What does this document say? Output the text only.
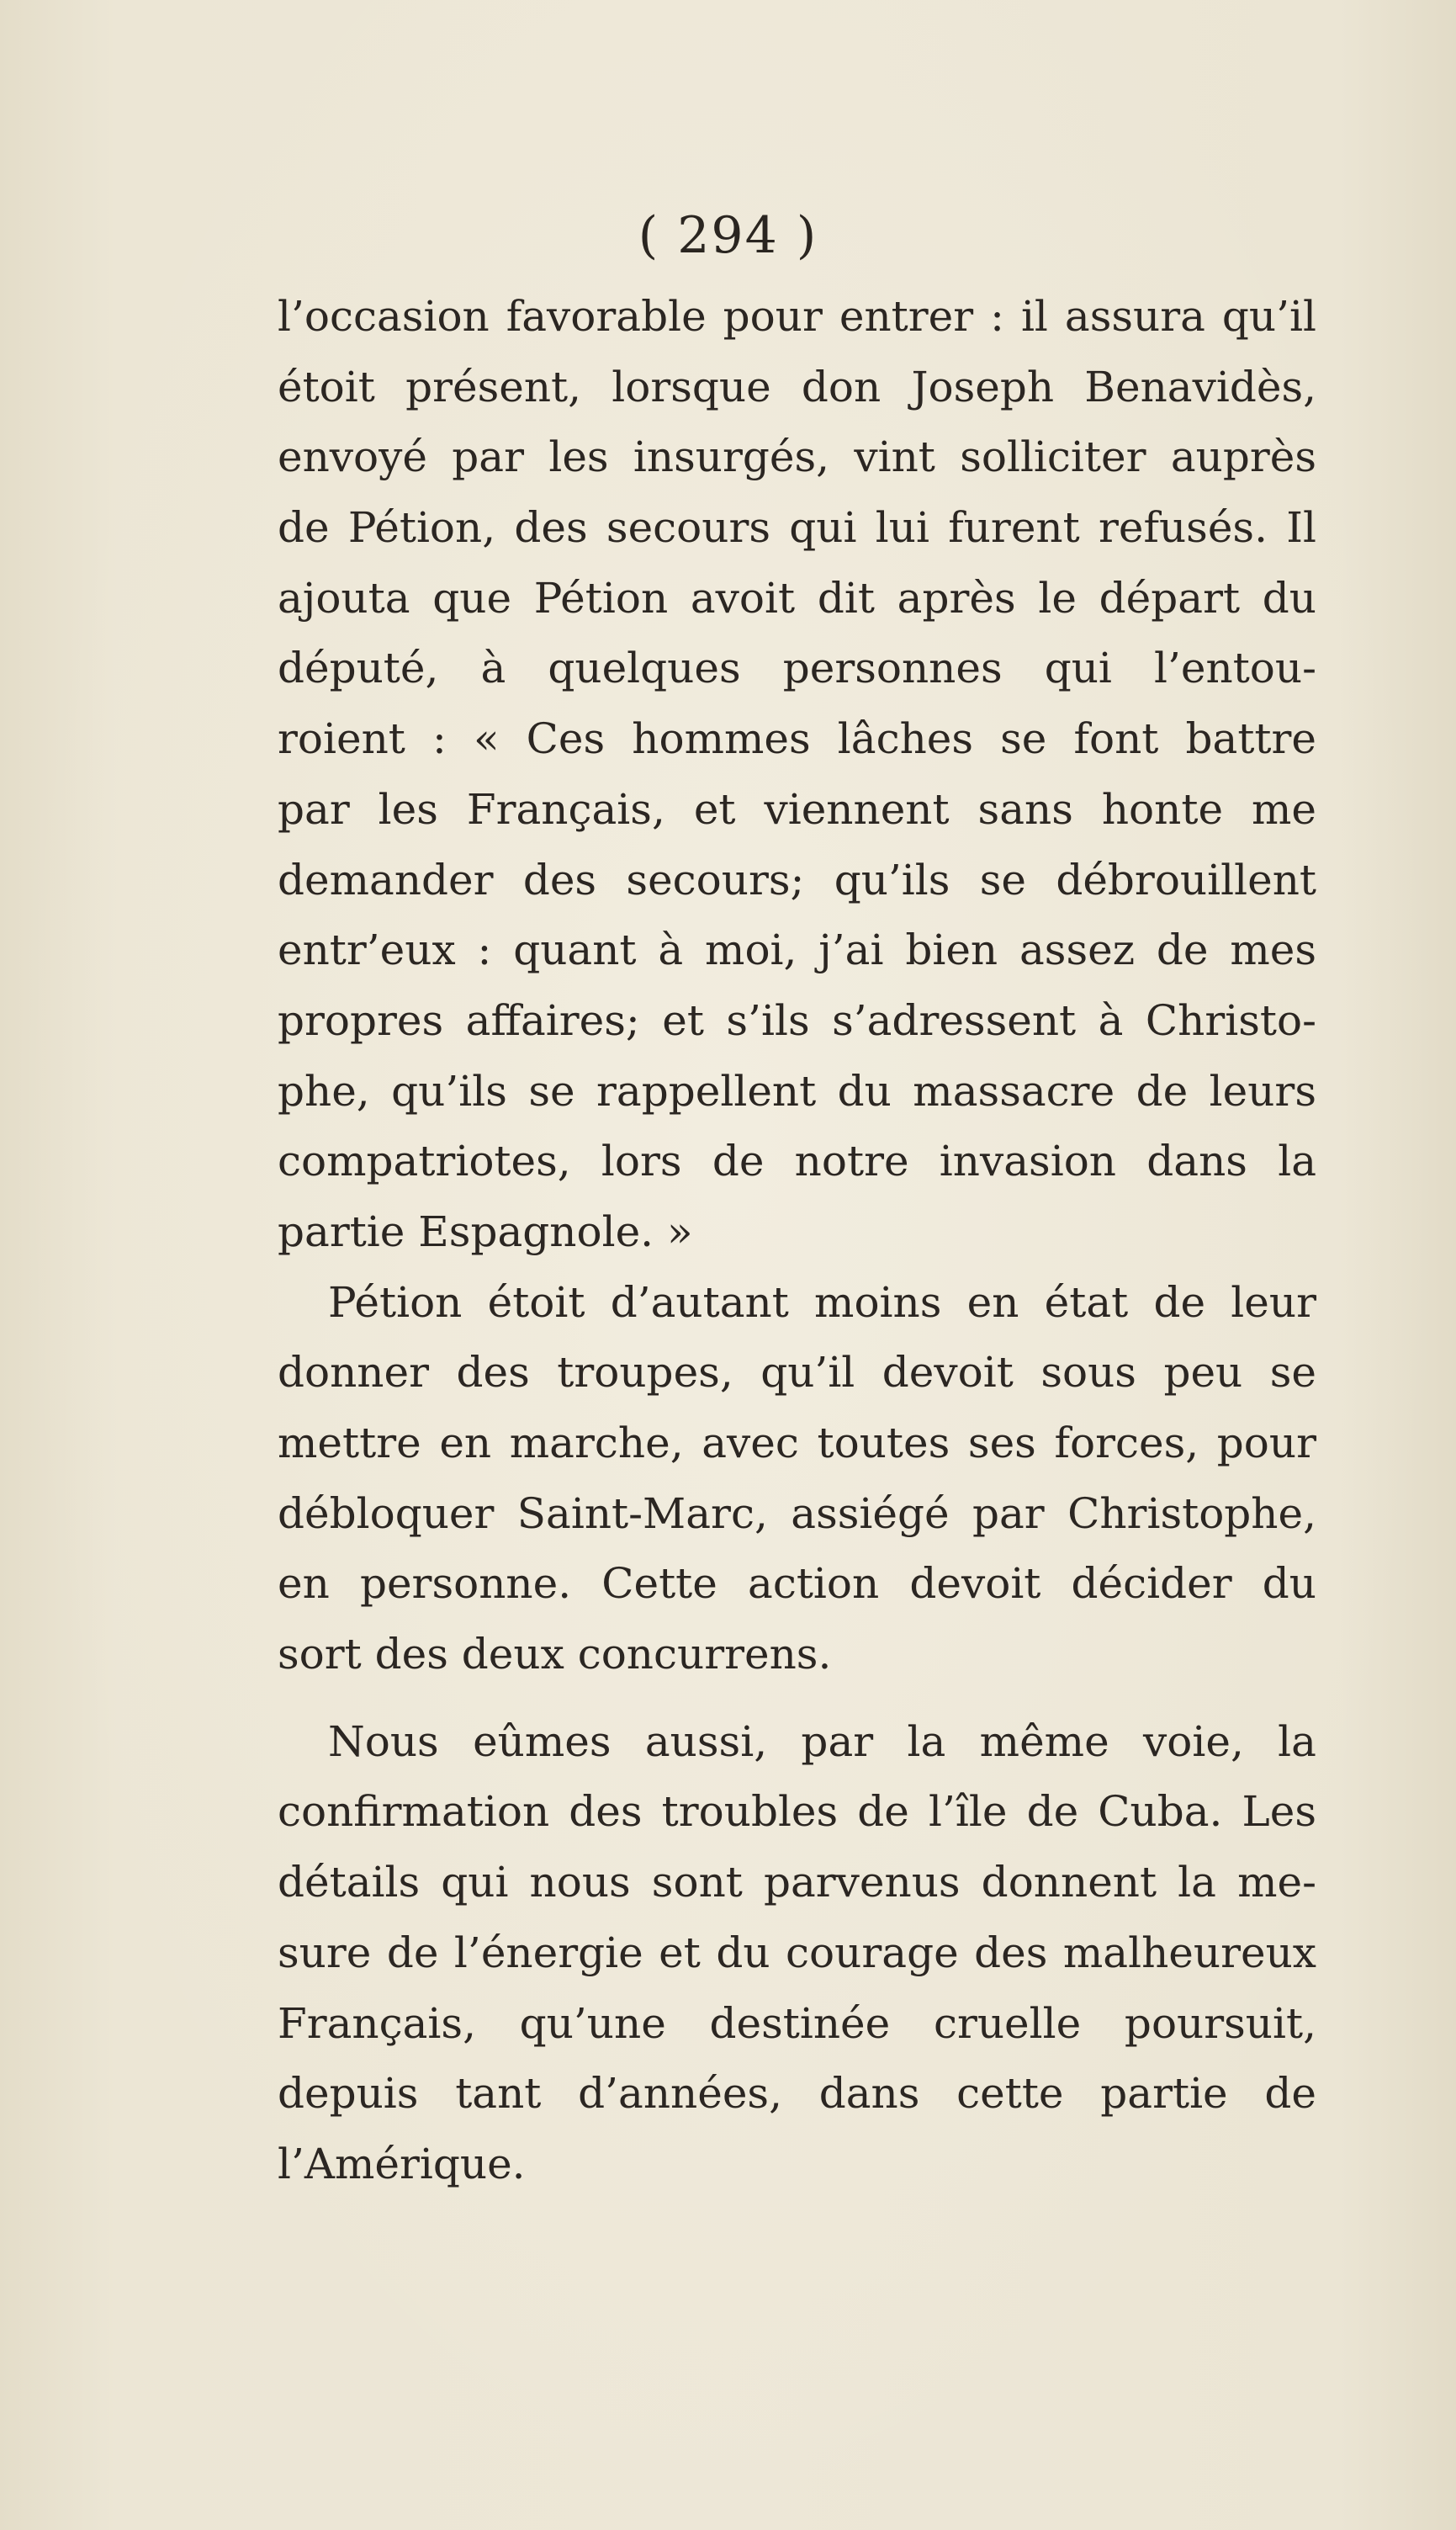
( 294 )
l’occasion favorable pour entrer : il assura qu’il
étoit présent, lorsque don Joseph Benavidès,
envoyé par les insurgés, vint solliciter auprès
de Pétion, des secours qui lui furent refusés. Il
ajouta que Pétion avoit dit après le départ du
député, à quelques personnes qui l’entou-
roient : « Ces hommes lâches se font battre
par les Français, et viennent sans honte me
demander des secours; qu’ils se débrouillent
entr’eux : quant à moi, j’ai bien assez de mes
propres affaires; et s’ils s’adressent à Christo-
phe, qu’ils se rappellent du massacre de leurs
compatriotes, lors de notre invasion dans la
partie Espagnole. »
Pétion étoit d’autant moins en état de leur
donner des troupes, qu’il devoit sous peu se
mettre en marche, avec toutes ses forces, pour
débloquer Saint-Marc, assiégé par Christophe,
en personne. Cette action devoit décider du
sort des deux concurrens.
Nous eûmes aussi, par la même voie, la
confirmation des troubles de l’île de Cuba. Les
détails qui nous sont parvenus donnent la me-
sure de l’énergie et du courage des malheureux
Français, qu’une destinée cruelle poursuit,
depuis tant d’années, dans cette partie de
l’Amérique.
